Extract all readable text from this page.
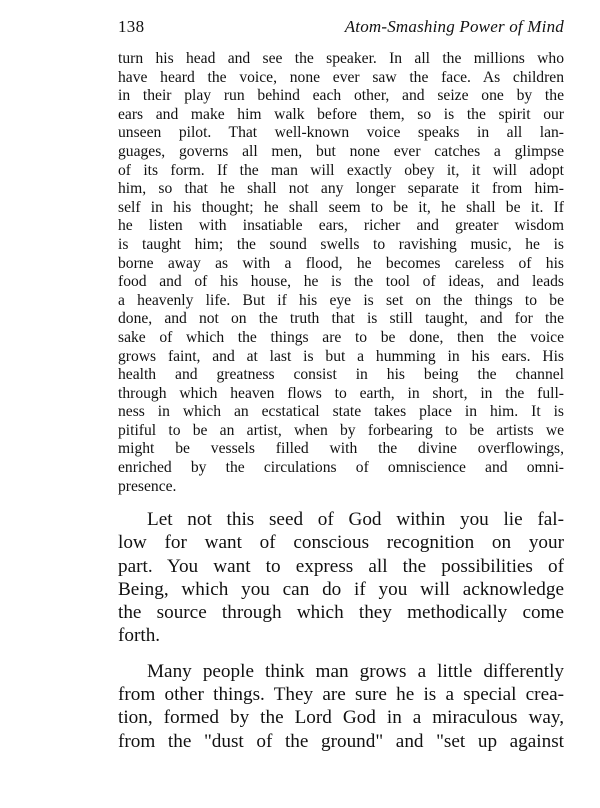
138	Atom-Smashing Power of Mind
turn his head and see the speaker. In all the millions who
have heard the voice, none ever saw the face. As children
in their play run behind each other, and seize one by the
ears and make him walk before them, so is the spirit our
unseen pilot. That well-known voice speaks in all lan-
guages, governs all men, but none ever catches a glimpse
of its form. If the man will exactly obey it, it will adopt
him, so that he shall not any longer separate it from him-
self in his thought; he shall seem to be it, he shall be it. If
he listen with insatiable ears, richer and greater wisdom
is taught him; the sound swells to ravishing music, he is
borne away as with a flood, he becomes careless of his
food and of his house, he is the tool of ideas, and leads
a heavenly life. But if his eye is set on the things to be
done, and not on the truth that is still taught, and for the
sake of which the things are to be done, then the voice
grows faint, and at last is but a humming in his ears. His
health and greatness consist in his being the channel
through which heaven flows to earth, in short, in the full-
ness in which an ecstatical state takes place in him. It is
pitiful to be an artist, when by forbearing to be artists we
might be vessels filled with the divine overflowings,
enriched by the circulations of omniscience and omni-
presence.
Let not this seed of God within you lie fal-
low for want of conscious recognition on your
part. You want to express all the possibilities of
Being, which you can do if you will acknowledge
the source through which they methodically come
forth.
Many people think man grows a little differently
from other things. They are sure he is a special crea-
tion, formed by the Lord God in a miraculous way,
from the "dust of the ground" and "set up against
